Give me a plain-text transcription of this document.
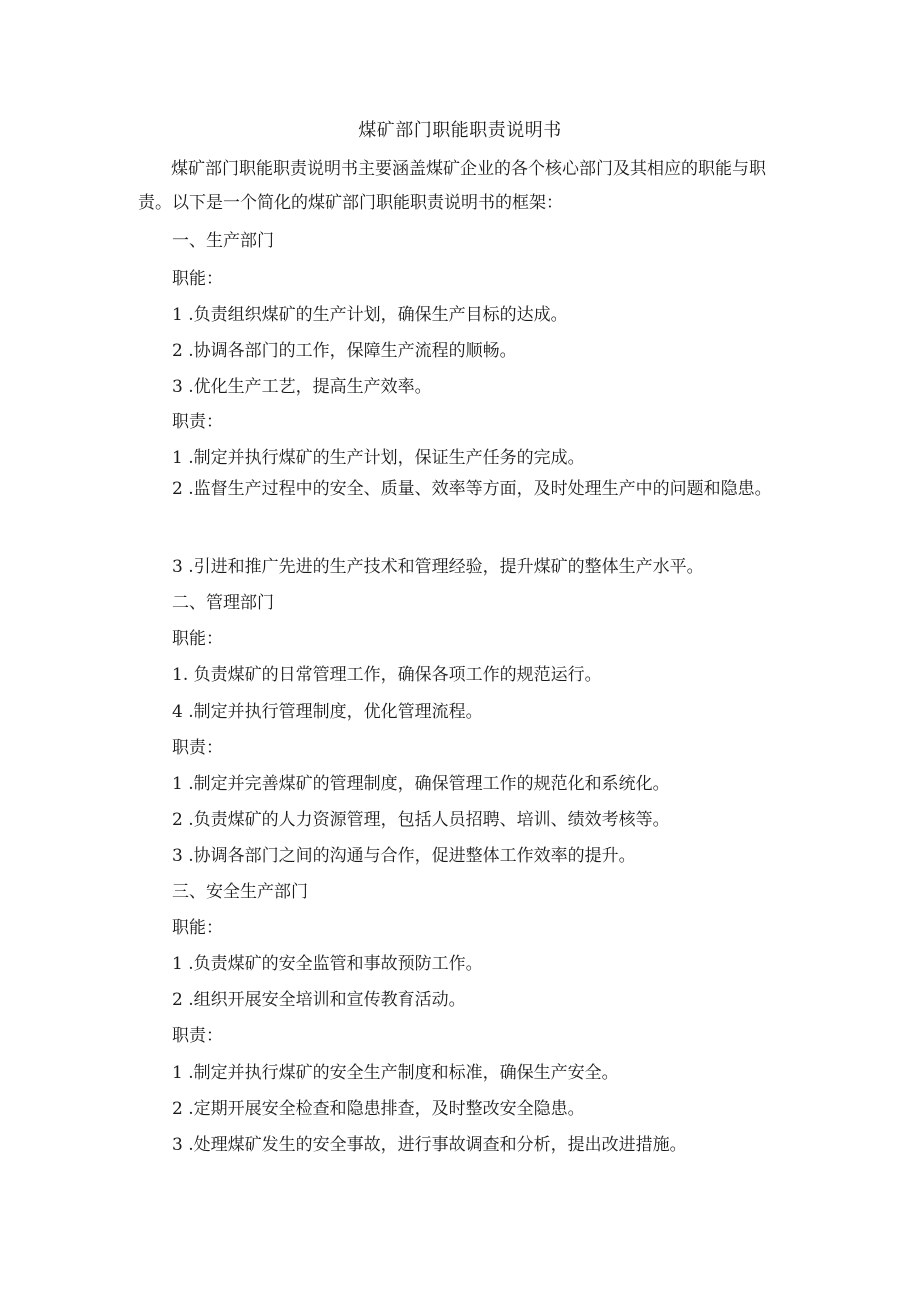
煤矿部门职能职责说明书

煤矿部门职能职责说明书主要涵盖煤矿企业的各个核心部门及其相应的职能与职责。以下是一个简化的煤矿部门职能职责说明书的框架：

一、生产部门

职能：

1 .负责组织煤矿的生产计划，确保生产目标的达成。

2 .协调各部门的工作，保障生产流程的顺畅。

3 .优化生产工艺，提高生产效率。

职责：

1 .制定并执行煤矿的生产计划，保证生产任务的完成。

2 .监督生产过程中的安全、质量、效率等方面，及时处理生产中的问题和隐患。

3 .引进和推广先进的生产技术和管理经验，提升煤矿的整体生产水平。

二、管理部门

职能：

1. 负责煤矿的日常管理工作，确保各项工作的规范运行。

4 .制定并执行管理制度，优化管理流程。

职责：

1 .制定并完善煤矿的管理制度，确保管理工作的规范化和系统化。

2 .负责煤矿的人力资源管理，包括人员招聘、培训、绩效考核等。

3 .协调各部门之间的沟通与合作，促进整体工作效率的提升。

三、安全生产部门

职能：

1 .负责煤矿的安全监管和事故预防工作。

2 .组织开展安全培训和宣传教育活动。

职责：

1 .制定并执行煤矿的安全生产制度和标准，确保生产安全。

2 .定期开展安全检查和隐患排查，及时整改安全隐患。

3 .处理煤矿发生的安全事故，进行事故调查和分析，提出改进措施。
